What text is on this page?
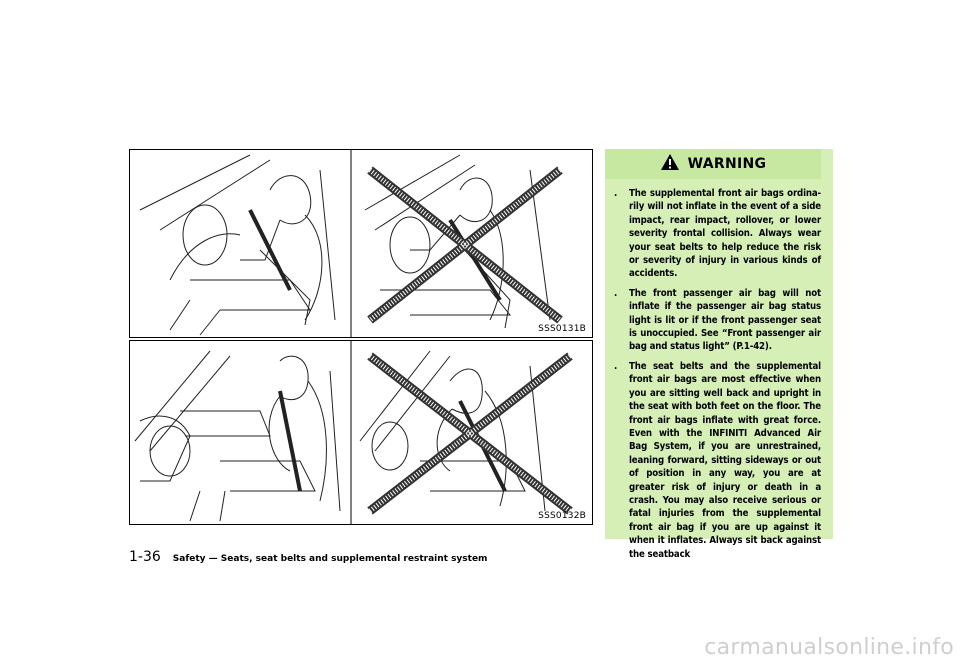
SSS0131B
SSS0132B
WARNING
. The supplemental front air bags ordina-rily will not inflate in the event of a side impact, rear impact, rollover, or lower severity frontal collision. Always wear your seat belts to help reduce the risk or severity of injury in various kinds of accidents.
. The front passenger air bag will not inflate if the passenger air bag status light is lit or if the front passenger seat is unoccupied. See “Front passenger air bag and status light” (P.1-42).
. The seat belts and the supplemental front air bags are most effective when you are sitting well back and upright in the seat with both feet on the floor. The front air bags inflate with great force. Even with the INFINITI Advanced Air Bag System, if you are unrestrained, leaning forward, sitting sideways or out of position in any way, you are at greater risk of injury or death in a crash. You may also receive serious or fatal injuries from the supplemental front air bag if you are up against it when it inflates. Always sit back against the seatback
1-36 Safety — Seats, seat belts and supplemental restraint system
carmanualsonline.info
